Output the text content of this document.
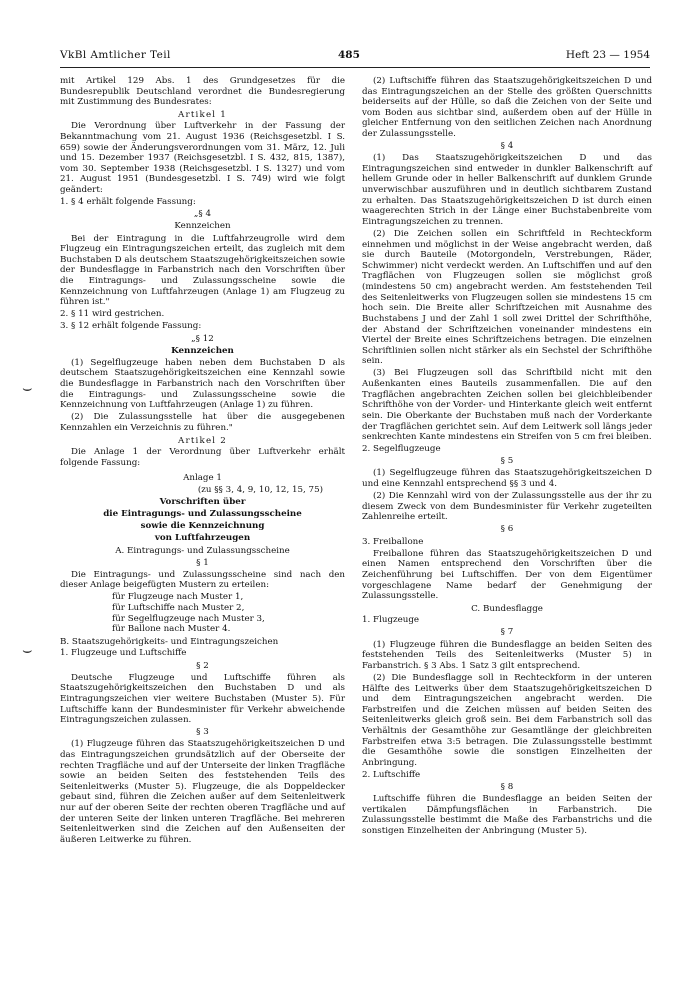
VkBl Amtlicher Teil	485	Heft 23 — 1954
⌣
⌣

mit Artikel 129 Abs. 1 des Grundgesetzes für die Bundesrepublik Deutschland verordnet die Bundesregierung mit Zustimmung des Bundesrates:

Artikel 1

Die Verordnung über Luftverkehr in der Fassung der Bekanntmachung vom 21. August 1936 (Reichsgesetzbl. I S. 659) sowie der Änderungsverordnungen vom 31. März, 12. Juli und 15. Dezember 1937 (Reichsgesetzbl. I S. 432, 815, 1387), vom 30. September 1938 (Reichsgesetzbl. I S. 1327) und vom 21. August 1951 (Bundesgesetzbl. I S. 749) wird wie folgt geändert:

1. § 4 erhält folgende Fassung:

„§ 4

Kennzeichen

Bei der Eintragung in die Luftfahrzeugrolle wird dem Flugzeug ein Eintragungszeichen erteilt, das zugleich mit dem Buchstaben D als deutschem Staatszugehörigkeitszeichen sowie der Bundesflagge in Farbanstrich nach den Vorschriften über die Eintragungs- und Zulassungsscheine sowie die Kennzeichnung von Luftfahrzeugen (Anlage 1) am Flugzeug zu führen ist."

2. § 11 wird gestrichen.

3. § 12 erhält folgende Fassung:

„§ 12

Kennzeichen

(1) Segelflugzeuge haben neben dem Buchstaben D als deutschem Staatszugehörigkeitszeichen eine Kennzahl sowie die Bundesflagge in Farbanstrich nach den Vorschriften über die Eintragungs- und Zulassungsscheine sowie die Kennzeichnung von Luftfahrzeugen (Anlage 1) zu führen.

(2) Die Zulassungsstelle hat über die ausgegebenen Kennzahlen ein Verzeichnis zu führen."

Artikel 2

Die Anlage 1 der Verordnung über Luftverkehr erhält folgende Fassung:

Anlage 1

(zu §§ 3, 4, 9, 10, 12, 15, 75)

Vorschriften über

die Eintragungs- und Zulassungsscheine

sowie die Kennzeichnung

von Luftfahrzeugen

A. Eintragungs- und Zulassungsscheine

§ 1

Die Eintragungs- und Zulassungsscheine sind nach den dieser Anlage beigefügten Mustern zu erteilen:

für Flugzeuge nach Muster 1,
für Luftschiffe nach Muster 2,
für Segelflugzeuge nach Muster 3,
für Ballone nach Muster 4.

B. Staatszugehörigkeits- und Eintragungszeichen

1. Flugzeuge und Luftschiffe

§ 2

Deutsche Flugzeuge und Luftschiffe führen als Staatszugehörigkeitszeichen den Buchstaben D und als Eintragungszeichen vier weitere Buchstaben (Muster 5). Für Luftschiffe kann der Bundesminister für Verkehr abweichende Eintragungszeichen zulassen.

§ 3

(1) Flugzeuge führen das Staatszugehörigkeitszeichen D und das Eintragungszeichen grundsätzlich auf der Oberseite der rechten Tragfläche und auf der Unterseite der linken Tragfläche sowie an beiden Seiten des feststehenden Teils des Seitenleitwerks (Muster 5). Flugzeuge, die als Doppeldecker gebaut sind, führen die Zeichen außer auf dem Seitenleitwerk nur auf der oberen Seite der rechten oberen Tragfläche und auf der unteren Seite der linken unteren Tragfläche. Bei mehreren Seitenleitwerken sind die Zeichen auf den Außenseiten der äußeren Leitwerke zu führen.

(2) Luftschiffe führen das Staatszugehörigkeitszeichen D und das Eintragungszeichen an der Stelle des größten Querschnitts beiderseits auf der Hülle, so daß die Zeichen von der Seite und vom Boden aus sichtbar sind, außerdem oben auf der Hülle in gleicher Entfernung von den seitlichen Zeichen nach Anordnung der Zulassungsstelle.

§ 4

(1) Das Staatszugehörigkeitszeichen D und das Eintragungszeichen sind entweder in dunkler Balkenschrift auf hellem Grunde oder in heller Balkenschrift auf dunklem Grunde unverwischbar auszuführen und in deutlich sichtbarem Zustand zu erhalten. Das Staatszugehörigkeitszeichen D ist durch einen waagerechten Strich in der Länge einer Buchstabenbreite vom Eintragungszeichen zu trennen.

(2) Die Zeichen sollen ein Schriftfeld in Rechteckform einnehmen und möglichst in der Weise angebracht werden, daß sie durch Bauteile (Motorgondeln, Verstrebungen, Räder, Schwimmer) nicht verdeckt werden. An Luftschiffen und auf den Tragflächen von Flugzeugen sollen sie möglichst groß (mindestens 50 cm) angebracht werden. Am feststehenden Teil des Seitenleitwerks von Flugzeugen sollen sie mindestens 15 cm hoch sein. Die Breite aller Schriftzeichen mit Ausnahme des Buchstabens J und der Zahl 1 soll zwei Drittel der Schrifthöhe, der Abstand der Schriftzeichen voneinander mindestens ein Viertel der Breite eines Schriftzeichens betragen. Die einzelnen Schriftlinien sollen nicht stärker als ein Sechstel der Schrifthöhe sein.

(3) Bei Flugzeugen soll das Schriftbild nicht mit den Außenkanten eines Bauteils zusammenfallen. Die auf den Tragflächen angebrachten Zeichen sollen bei gleichbleibender Schrifthöhe von der Vorder- und Hinterkante gleich weit entfernt sein. Die Oberkante der Buchstaben muß nach der Vorderkante der Tragflächen gerichtet sein. Auf dem Leitwerk soll längs jeder senkrechten Kante mindestens ein Streifen von 5 cm frei bleiben.

2. Segelflugzeuge

§ 5

(1) Segelflugzeuge führen das Staatszugehörigkeitszeichen D und eine Kennzahl entsprechend §§ 3 und 4.

(2) Die Kennzahl wird von der Zulassungsstelle aus der ihr zu diesem Zweck von dem Bundesminister für Verkehr zugeteilten Zahlenreihe erteilt.

§ 6

3. Freiballone

Freiballone führen das Staatszugehörigkeitszeichen D und einen Namen entsprechend den Vorschriften über die Zeichenführung bei Luftschiffen. Der von dem Eigentümer vorgeschlagene Name bedarf der Genehmigung der Zulassungsstelle.

C. Bundesflagge

1. Flugzeuge

§ 7

(1) Flugzeuge führen die Bundesflagge an beiden Seiten des feststehenden Teils des Seitenleitwerks (Muster 5) in Farbanstrich. § 3 Abs. 1 Satz 3 gilt entsprechend.

(2) Die Bundesflagge soll in Rechteckform in der unteren Hälfte des Leitwerks über dem Staatszugehörigkeitszeichen D und dem Eintragungszeichen angebracht werden. Die Farbstreifen und die Zeichen müssen auf beiden Seiten des Seitenleitwerks gleich groß sein. Bei dem Farbanstrich soll das Verhältnis der Gesamthöhe zur Gesamtlänge der gleichbreiten Farbstreifen etwa 3:5 betragen. Die Zulassungsstelle bestimmt die Gesamthöhe sowie die sonstigen Einzelheiten der Anbringung.

2. Luftschiffe

§ 8

Luftschiffe führen die Bundesflagge an beiden Seiten der vertikalen Dämpfungsflächen in Farbanstrich. Die Zulassungsstelle bestimmt die Maße des Farbanstrichs und die sonstigen Einzelheiten der Anbringung (Muster 5).
